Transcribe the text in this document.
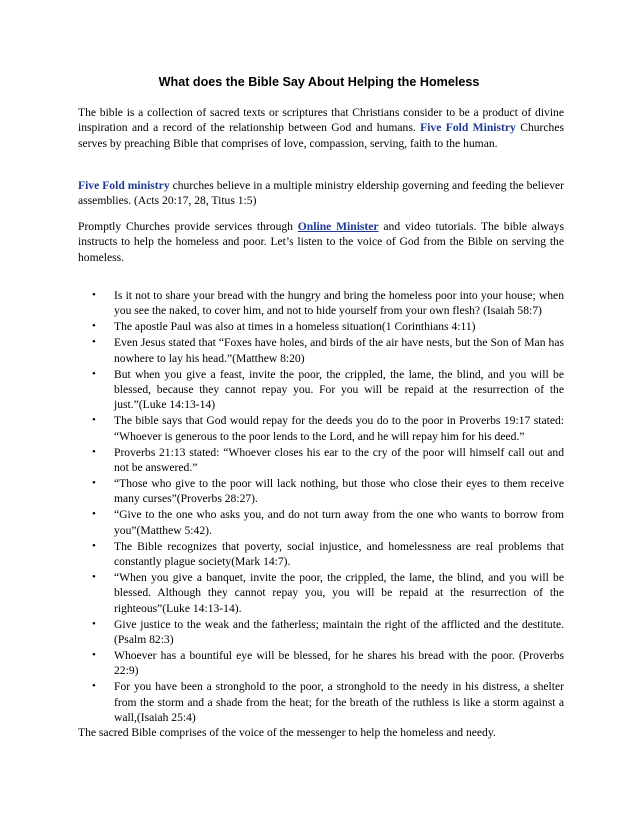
What does the Bible Say About Helping the Homeless

The bible is a collection of sacred texts or scriptures that Christians consider to be a product of divine inspiration and a record of the relationship between God and humans. Five Fold Ministry Churches serves by preaching Bible that comprises of love, compassion, serving, faith to the human.

Five Fold ministry churches believe in a multiple ministry eldership governing and feeding the believer assemblies. (Acts 20:17, 28, Titus 1:5)

Promptly Churches provide services through Online Minister and video tutorials. The bible always instructs to help the homeless and poor. Let’s listen to the voice of God from the Bible on serving the homeless.

• Is it not to share your bread with the hungry and bring the homeless poor into your house; when you see the naked, to cover him, and not to hide yourself from your own flesh? (Isaiah 58:7)
• The apostle Paul was also at times in a homeless situation(1 Corinthians 4:11)
• Even Jesus stated that “Foxes have holes, and birds of the air have nests, but the Son of Man has nowhere to lay his head.”(Matthew 8:20)
• But when you give a feast, invite the poor, the crippled, the lame, the blind, and you will be blessed, because they cannot repay you. For you will be repaid at the resurrection of the just.”(Luke 14:13-14)
• The bible says that God would repay for the deeds you do to the poor in Proverbs 19:17 stated: “Whoever is generous to the poor lends to the Lord, and he will repay him for his deed.”
• Proverbs 21:13 stated: “Whoever closes his ear to the cry of the poor will himself call out and not be answered.”
• “Those who give to the poor will lack nothing, but those who close their eyes to them receive many curses”(Proverbs 28:27).
• “Give to the one who asks you, and do not turn away from the one who wants to borrow from you”(Matthew 5:42).
• The Bible recognizes that poverty, social injustice, and homelessness are real problems that constantly plague society(Mark 14:7).
• “When you give a banquet, invite the poor, the crippled, the lame, the blind, and you will be blessed. Although they cannot repay you, you will be repaid at the resurrection of the righteous”(Luke 14:13-14).
• Give justice to the weak and the fatherless; maintain the right of the afflicted and the destitute. (Psalm 82:3)
• Whoever has a bountiful eye will be blessed, for he shares his bread with the poor. (Proverbs 22:9)
• For you have been a stronghold to the poor, a stronghold to the needy in his distress, a shelter from the storm and a shade from the heat; for the breath of the ruthless is like a storm against a wall,(Isaiah 25:4)

The sacred Bible comprises of the voice of the messenger to help the homeless and needy.
